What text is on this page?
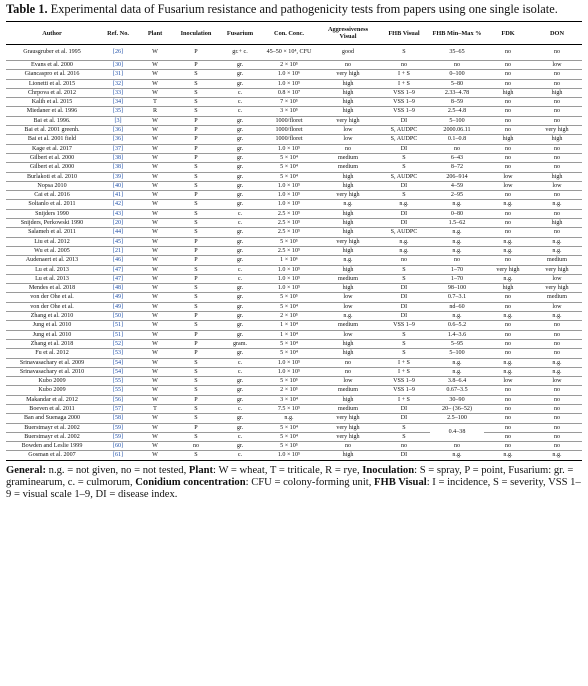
Table 1. Experimental data of Fusarium resistance and pathogenicity tests from papers using one single isolate.

Author	Ref. No.	Plant	Inoculation	Fusarium	Con. Conc.	Aggressiveness Visual	FHB Visual	FHB Min–Max %	FDK	DON
Grausgruber et al. 1995	[26]	W	P	gr.+ c.	45–50 × 10⁴, CFU	good	S	35–65	no	no
Evans et al. 2000	[30]	W	P	gr.	2 × 10⁵	no	no	no	no	low
Giancaspro et al. 2016	[31]	W	S	gr.	1.0 × 10⁶	very high	I + S	0–100	no	no
Lionetti et al. 2015	[32]	W	S	gr.	1.0 × 10⁵	high	I + S	5–80	no	no
Chrpova et al. 2012	[33]	W	S	c.	0.8 × 10⁷	high	VSS 1–9	2.33–4.78	high	high
Kalih et al. 2015	[34]	T	S	c.	7 × 10⁵	high	VSS 1–9	8–59	no	no
Miedaner et al. 1996	[35]	R	S	c.	3 × 10⁵	high	VSS 1–9	2.5–4.8	no	no
Bai et al. 1996.	[3]	W	P	gr.	1000/floret	very high	DI	5–100	no	no
Bai et al. 2001 greenh.	[36]	W	P	gr.	1000/floret	low	S, AUDPC	2000.06.11	no	very high
Bai et al. 2001 field	[36]	W	P	gr.	1000/floret	low	S, AUDPC	0.1–0.8	high	high
Kage et al. 2017	[37]	W	P	gr.	1.0 × 10⁵	no	DI	no	no	no
Gilbert et al. 2000	[38]	W	P	gr.	5 × 10⁴	medium	S	6–43	no	no
Gilbert et al. 2000	[38]	W	S	gr.	5 × 10⁴	medium	S	8–72	no	no
Burlakoti et al. 2010	[39]	W	S	gr.	5 × 10⁴	high	S, AUDPC	206–914	low	high
Nopsa 2010	[40]	W	S	gr.	1.0 × 10⁵	high	DI	4–59	low	low
Cai et al. 2016	[41]	W	P	gr.	1.0 × 10⁵	very high	S	2–95	no	no
Soltanlo et al. 2011	[42]	W	S	gr.	1.0 × 10⁵	n.g.	n.g.	n.g.	n.g.	n.g.
Snijders 1990	[43]	W	S	c.	2.5 × 10⁵	high	DI	0–80	no	no
Snijders, Perkowski 1990	[20]	W	S	c.	2.5 × 10⁵	high	DI	1.5–62	no	high
Salameh et al. 2011	[44]	W	S	gr.	2.5 × 10⁵	high	S, AUDPC	n.g.	no	no
Liu et al. 2012	[45]	W	P	gr.	5 × 10⁵	very high	n.g.	n.g.	n.g.	n.g.
Wu et al. 2005	[21]	W	P	gr.	2.5 × 10⁵	high	n.g.	n.g.	n.g.	n.g.
Audenaert et al. 2013	[46]	W	P	gr.	1 × 10⁶	n.g.	no	no	no	medium
Lu et al. 2013	[47]	W	S	c.	1.0 × 10⁵	high	S	1–70	very high	very high
Lu et al. 2013	[47]	W	P	c.	1.0 × 10⁵	medium	S	1–70	n.g.	low
Mendes et al. 2018	[48]	W	S	gr.	1.0 × 10⁵	high	DI	98–100	high	very high
von der Ohe et al.	[49]	W	S	gr.	5 × 10⁵	low	DI	0.7–3.1	no	medium
von der Ohe et al.	[49]	W	S	gr.	5 × 10⁴	low	DI	nd–60	no	low
Zhang et al. 2010	[50]	W	P	gr.	2 × 10⁵	n.g.	DI	n.g.	n.g.	n.g.
Jung et al. 2010	[51]	W	S	gr.	1 × 10⁴	medium	VSS 1–9	0.6–5.2	no	no
Jung et al. 2010	[51]	W	P	gr.	1 × 10⁴	low	S	1.4–3.6	no	no
Zhang et al. 2018	[52]	W	P	gram.	5 × 10⁴	high	S	5–95	no	no
Fu et al. 2012	[53]	W	P	gr.	5 × 10⁴	high	S	5–100	no	no
Srinavasachary et al. 2009	[54]	W	S	c.	1.0 × 10⁵	no	I + S	n.g.	n.g.	n.g.
Srinavasachary et al. 2010	[54]	W	S	c.	1.0 × 10⁵	no	I + S	n.g.	n.g.	n.g.
Kubo 2009	[55]	W	S	gr.	5 × 10⁵	low	VSS 1–9	3.8–6.4	low	low
Kubo 2009	[55]	W	S	gr.	2 × 10⁵	medium	VSS 1–9	0.67–3.5	no	no
Makandar et al. 2012	[56]	W	P	gr.	3 × 10⁴	high	I + S	30–90	no	no
Boeven et al. 2011	[57]	T	S	c.	7.5 × 10⁵	medium	DI	20– (36–52)	no	no
Ban and Suenaga 2000	[58]	W	S	gr.	n.g.	very high	DI	2.5–100	no	no
Buerstmayr et al. 2002	[59]	W	P	gr.	5 × 10⁴	very high	S	0.4–38	no	no
Buerstmayr et al. 2002	[59]	W	S	c.	5 × 10⁴	very high	S		no	no
Bowden and Leslie 1999	[60]	W	no	gr.	5 × 10⁵	no	no	no	no	no
Gosman et al. 2007	[61]	W	S	c.	1.0 × 10⁵	high	DI	n.g.	n.g.	n.g.
General: n.g. = not given, no = not tested, Plant: W = wheat, T = triticale, R = rye, Inoculation: S = spray, P = point, Fusarium: gr. = graminearum, c. = culmorum, Conidium concentration: CFU = colony-forming unit, FHB Visual: I = incidence, S = severity, VSS 1–9 = visual scale 1–9, DI = disease index.
